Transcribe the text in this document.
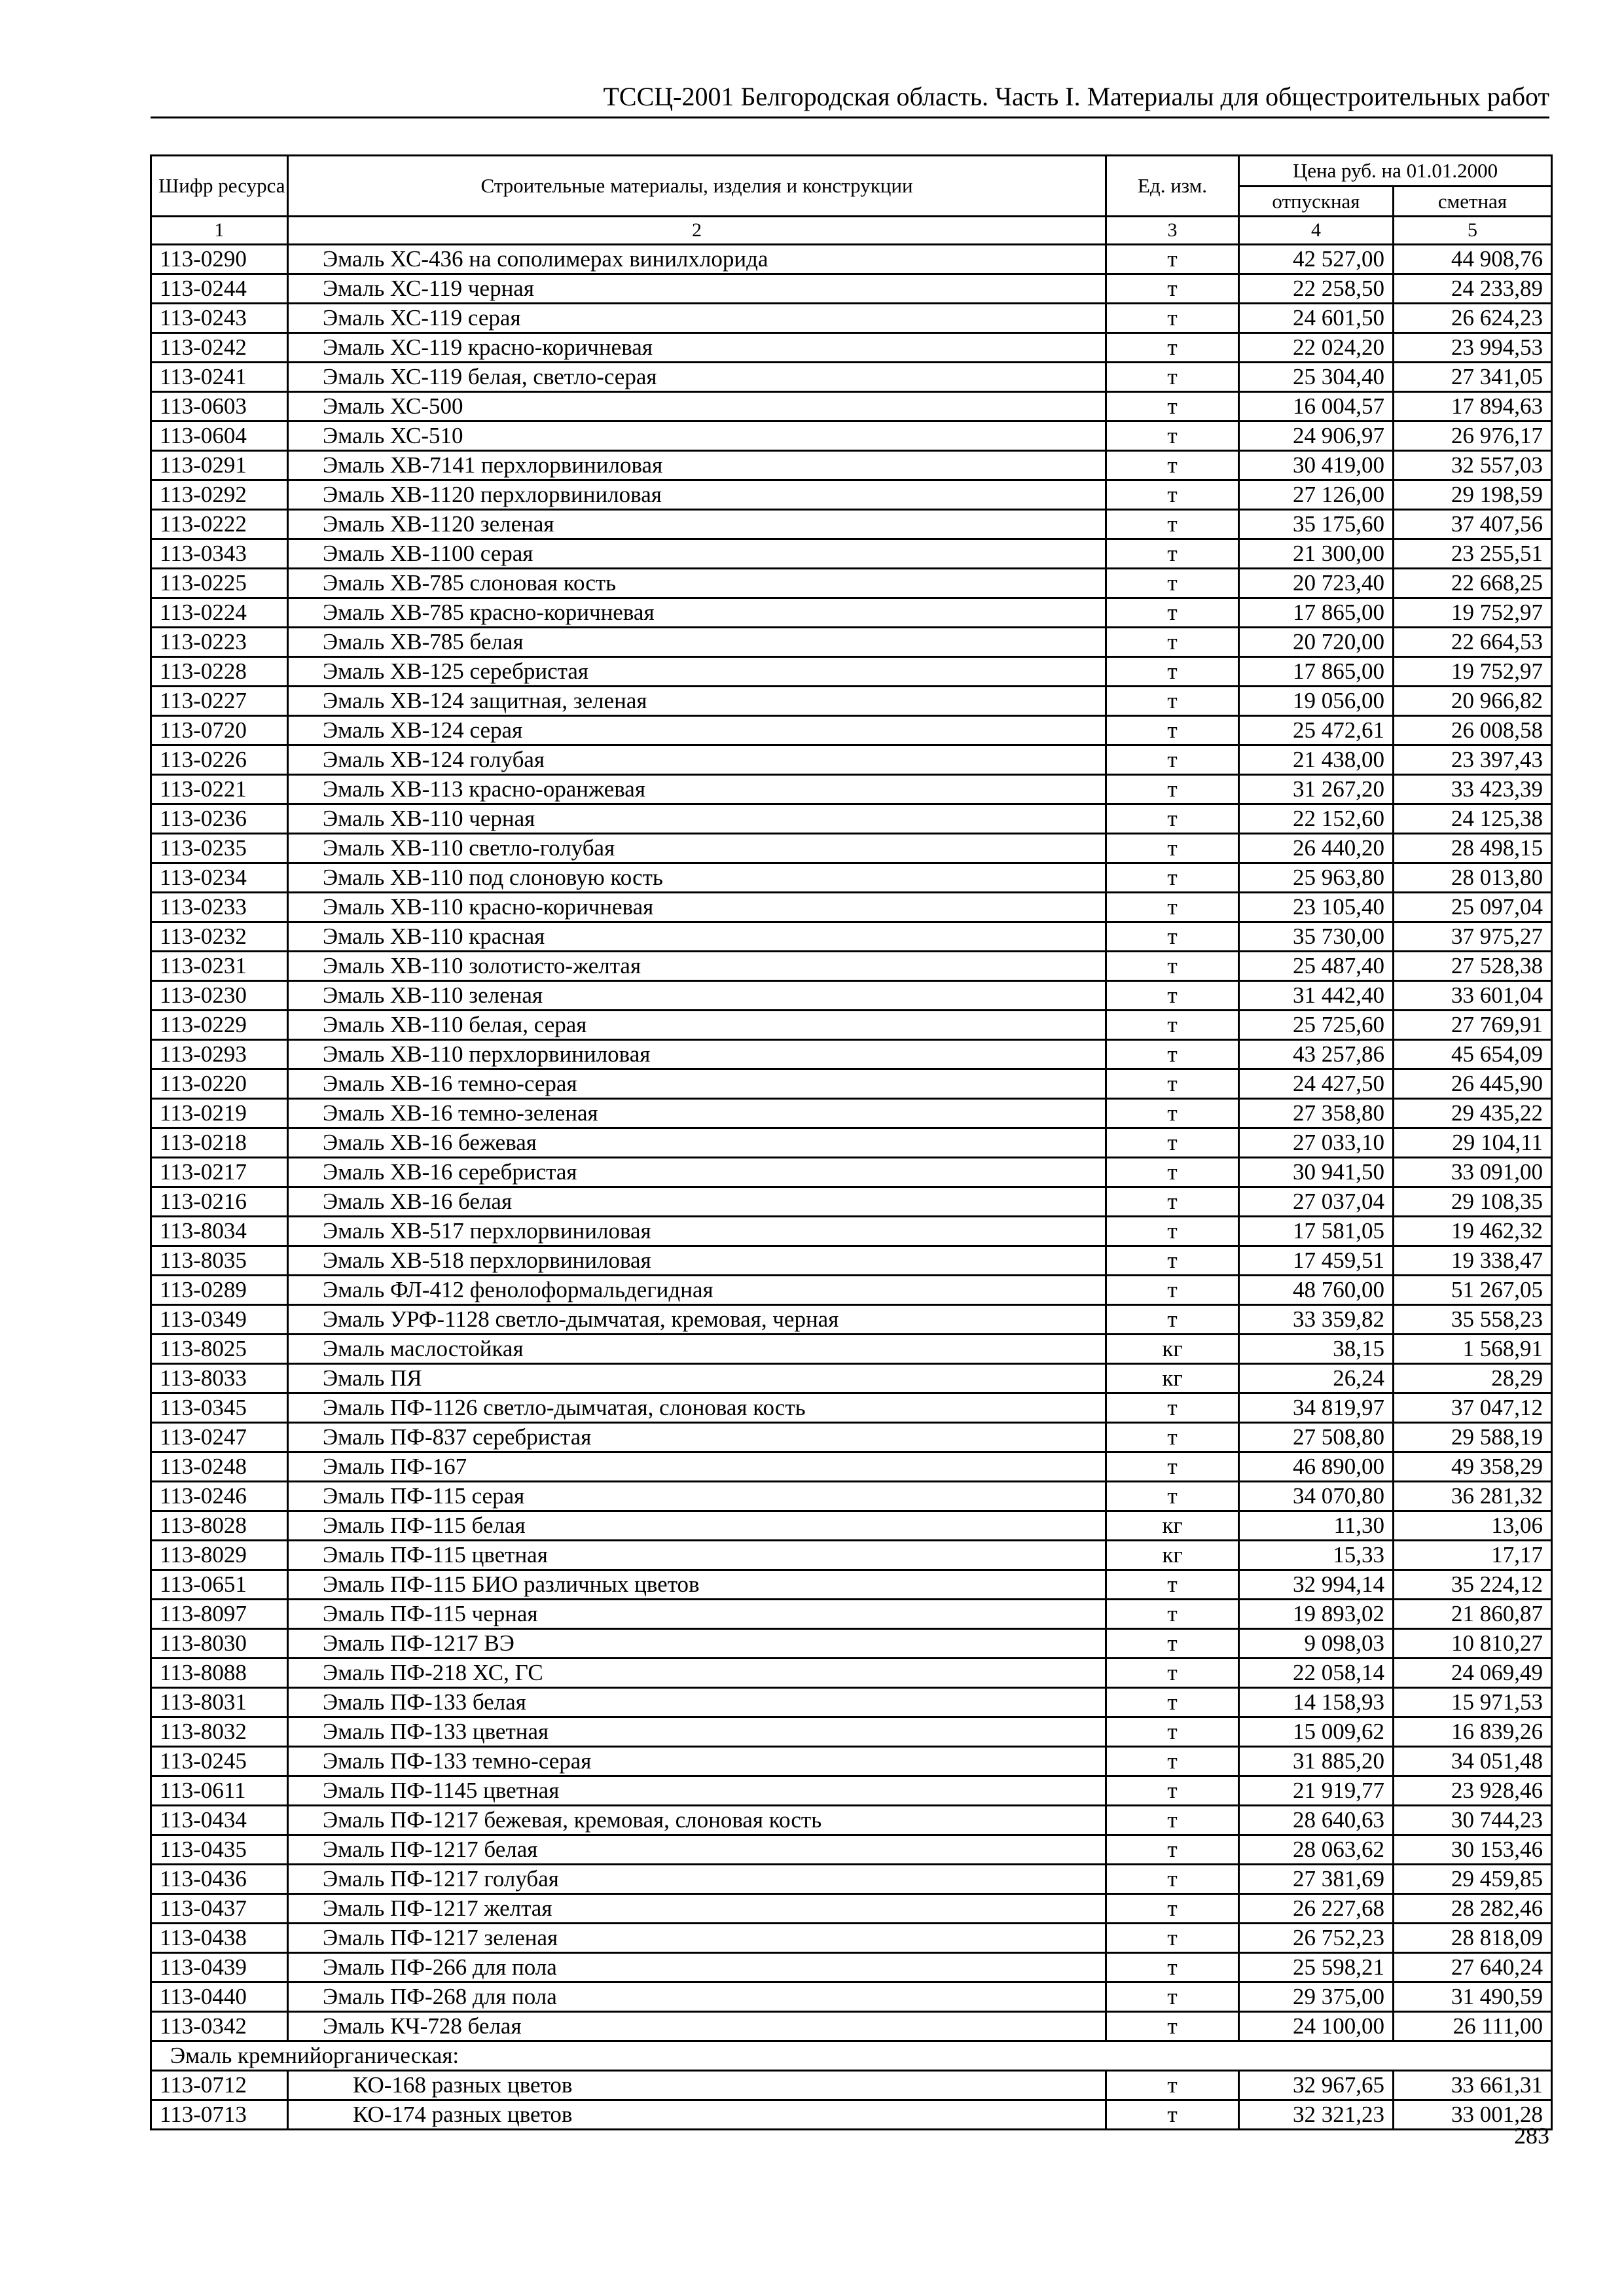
ТССЦ-2001 Белгородская область. Часть I. Материалы для общестроительных работ
Шифр ресурса	Строительные материалы, изделия и конструкции	Ед. изм.	Цена руб. на 01.01.2000	
			отпускная	сметная
1	2	3	4	5
113-0290	Эмаль ХС-436 на сополимерах винилхлорида	т	42 527,00	44 908,76
113-0244	Эмаль ХС-119 черная	т	22 258,50	24 233,89
113-0243	Эмаль ХС-119 серая	т	24 601,50	26 624,23
113-0242	Эмаль ХС-119 красно-коричневая	т	22 024,20	23 994,53
113-0241	Эмаль ХС-119 белая, светло-серая	т	25 304,40	27 341,05
113-0603	Эмаль ХС-500	т	16 004,57	17 894,63
113-0604	Эмаль ХС-510	т	24 906,97	26 976,17
113-0291	Эмаль ХВ-7141 перхлорвиниловая	т	30 419,00	32 557,03
113-0292	Эмаль ХВ-1120 перхлорвиниловая	т	27 126,00	29 198,59
113-0222	Эмаль ХВ-1120 зеленая	т	35 175,60	37 407,56
113-0343	Эмаль ХВ-1100 серая	т	21 300,00	23 255,51
113-0225	Эмаль ХВ-785 слоновая кость	т	20 723,40	22 668,25
113-0224	Эмаль ХВ-785 красно-коричневая	т	17 865,00	19 752,97
113-0223	Эмаль ХВ-785 белая	т	20 720,00	22 664,53
113-0228	Эмаль ХВ-125 серебристая	т	17 865,00	19 752,97
113-0227	Эмаль ХВ-124 защитная, зеленая	т	19 056,00	20 966,82
113-0720	Эмаль ХВ-124 серая	т	25 472,61	26 008,58
113-0226	Эмаль ХВ-124 голубая	т	21 438,00	23 397,43
113-0221	Эмаль ХВ-113 красно-оранжевая	т	31 267,20	33 423,39
113-0236	Эмаль ХВ-110 черная	т	22 152,60	24 125,38
113-0235	Эмаль ХВ-110 светло-голубая	т	26 440,20	28 498,15
113-0234	Эмаль ХВ-110 под слоновую кость	т	25 963,80	28 013,80
113-0233	Эмаль ХВ-110 красно-коричневая	т	23 105,40	25 097,04
113-0232	Эмаль ХВ-110 красная	т	35 730,00	37 975,27
113-0231	Эмаль ХВ-110 золотисто-желтая	т	25 487,40	27 528,38
113-0230	Эмаль ХВ-110 зеленая	т	31 442,40	33 601,04
113-0229	Эмаль ХВ-110 белая, серая	т	25 725,60	27 769,91
113-0293	Эмаль ХВ-110 перхлорвиниловая	т	43 257,86	45 654,09
113-0220	Эмаль ХВ-16 темно-серая	т	24 427,50	26 445,90
113-0219	Эмаль ХВ-16 темно-зеленая	т	27 358,80	29 435,22
113-0218	Эмаль ХВ-16 бежевая	т	27 033,10	29 104,11
113-0217	Эмаль ХВ-16 серебристая	т	30 941,50	33 091,00
113-0216	Эмаль ХВ-16 белая	т	27 037,04	29 108,35
113-8034	Эмаль ХВ-517 перхлорвиниловая	т	17 581,05	19 462,32
113-8035	Эмаль ХВ-518 перхлорвиниловая	т	17 459,51	19 338,47
113-0289	Эмаль ФЛ-412 фенолоформальдегидная	т	48 760,00	51 267,05
113-0349	Эмаль УРФ-1128 светло-дымчатая, кремовая, черная	т	33 359,82	35 558,23
113-8025	Эмаль маслостойкая	кг	38,15	1 568,91
113-8033	Эмаль ПЯ	кг	26,24	28,29
113-0345	Эмаль ПФ-1126 светло-дымчатая, слоновая кость	т	34 819,97	37 047,12
113-0247	Эмаль ПФ-837 серебристая	т	27 508,80	29 588,19
113-0248	Эмаль ПФ-167	т	46 890,00	49 358,29
113-0246	Эмаль ПФ-115 серая	т	34 070,80	36 281,32
113-8028	Эмаль ПФ-115 белая	кг	11,30	13,06
113-8029	Эмаль ПФ-115 цветная	кг	15,33	17,17
113-0651	Эмаль ПФ-115 БИО различных цветов	т	32 994,14	35 224,12
113-8097	Эмаль ПФ-115 черная	т	19 893,02	21 860,87
113-8030	Эмаль ПФ-1217 ВЭ	т	9 098,03	10 810,27
113-8088	Эмаль ПФ-218 ХС, ГС	т	22 058,14	24 069,49
113-8031	Эмаль ПФ-133 белая	т	14 158,93	15 971,53
113-8032	Эмаль ПФ-133 цветная	т	15 009,62	16 839,26
113-0245	Эмаль ПФ-133 темно-серая	т	31 885,20	34 051,48
113-0611	Эмаль ПФ-1145 цветная	т	21 919,77	23 928,46
113-0434	Эмаль ПФ-1217 бежевая, кремовая, слоновая кость	т	28 640,63	30 744,23
113-0435	Эмаль ПФ-1217 белая	т	28 063,62	30 153,46
113-0436	Эмаль ПФ-1217 голубая	т	27 381,69	29 459,85
113-0437	Эмаль ПФ-1217 желтая	т	26 227,68	28 282,46
113-0438	Эмаль ПФ-1217 зеленая	т	26 752,23	28 818,09
113-0439	Эмаль ПФ-266 для пола	т	25 598,21	27 640,24
113-0440	Эмаль ПФ-268 для пола	т	29 375,00	31 490,59
113-0342	Эмаль КЧ-728 белая	т	24 100,00	26 111,00
Эмаль кремнийорганическая:				
113-0712	КО-168 разных цветов	т	32 967,65	33 661,31
113-0713	КО-174 разных цветов	т	32 321,23	33 001,28
283
